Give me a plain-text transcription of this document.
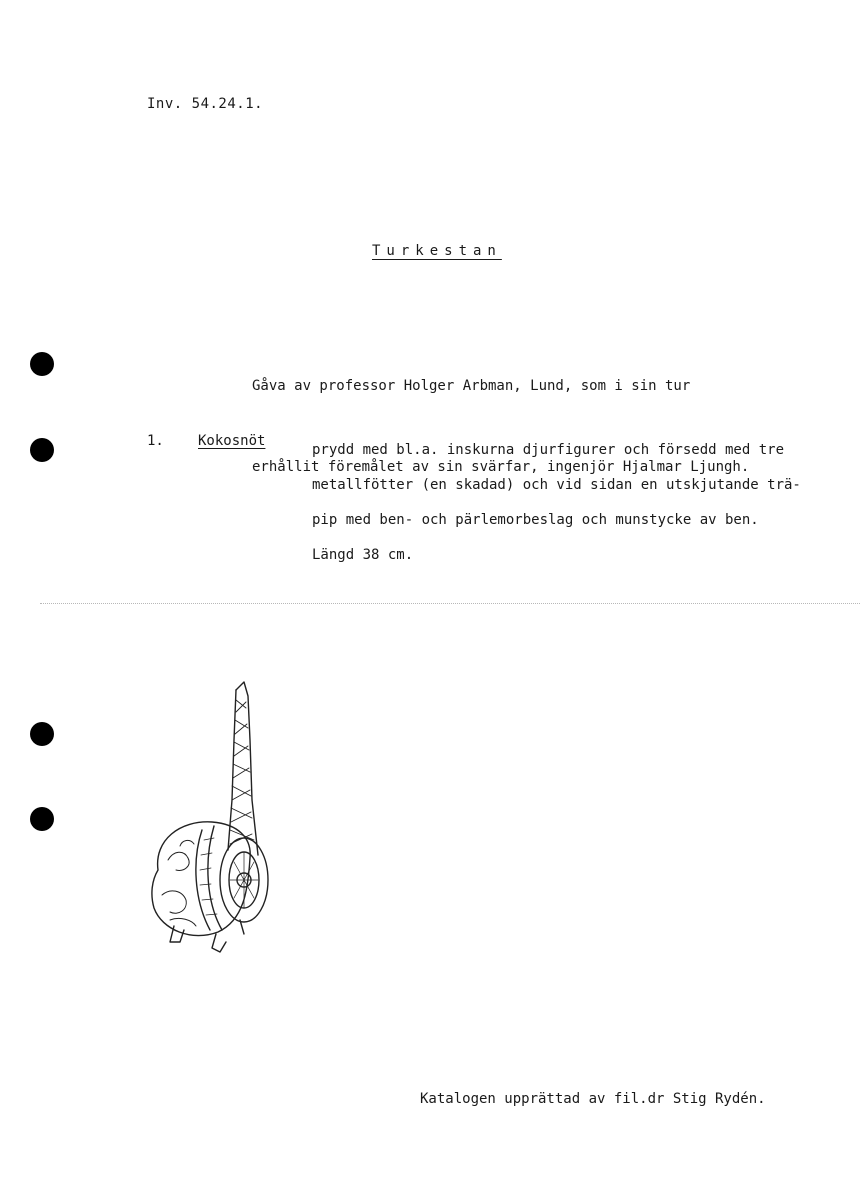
Inv. 54.24.1.
Turkestan

Gåva av professor Holger Arbman, Lund, som i sin tur

erhållit föremålet av sin svärfar, ingenjör Hjalmar Ljungh.

1. Kokosnöt
prydd med bl.a. inskurna djurfigurer och försedd med tre
metallfötter (en skadad) och vid sidan en utskjutande trä-
pip med ben- och pärlemorbeslag och munstycke av ben.
Längd 38 cm.
Katalogen upprättad av fil.dr Stig Rydén.
